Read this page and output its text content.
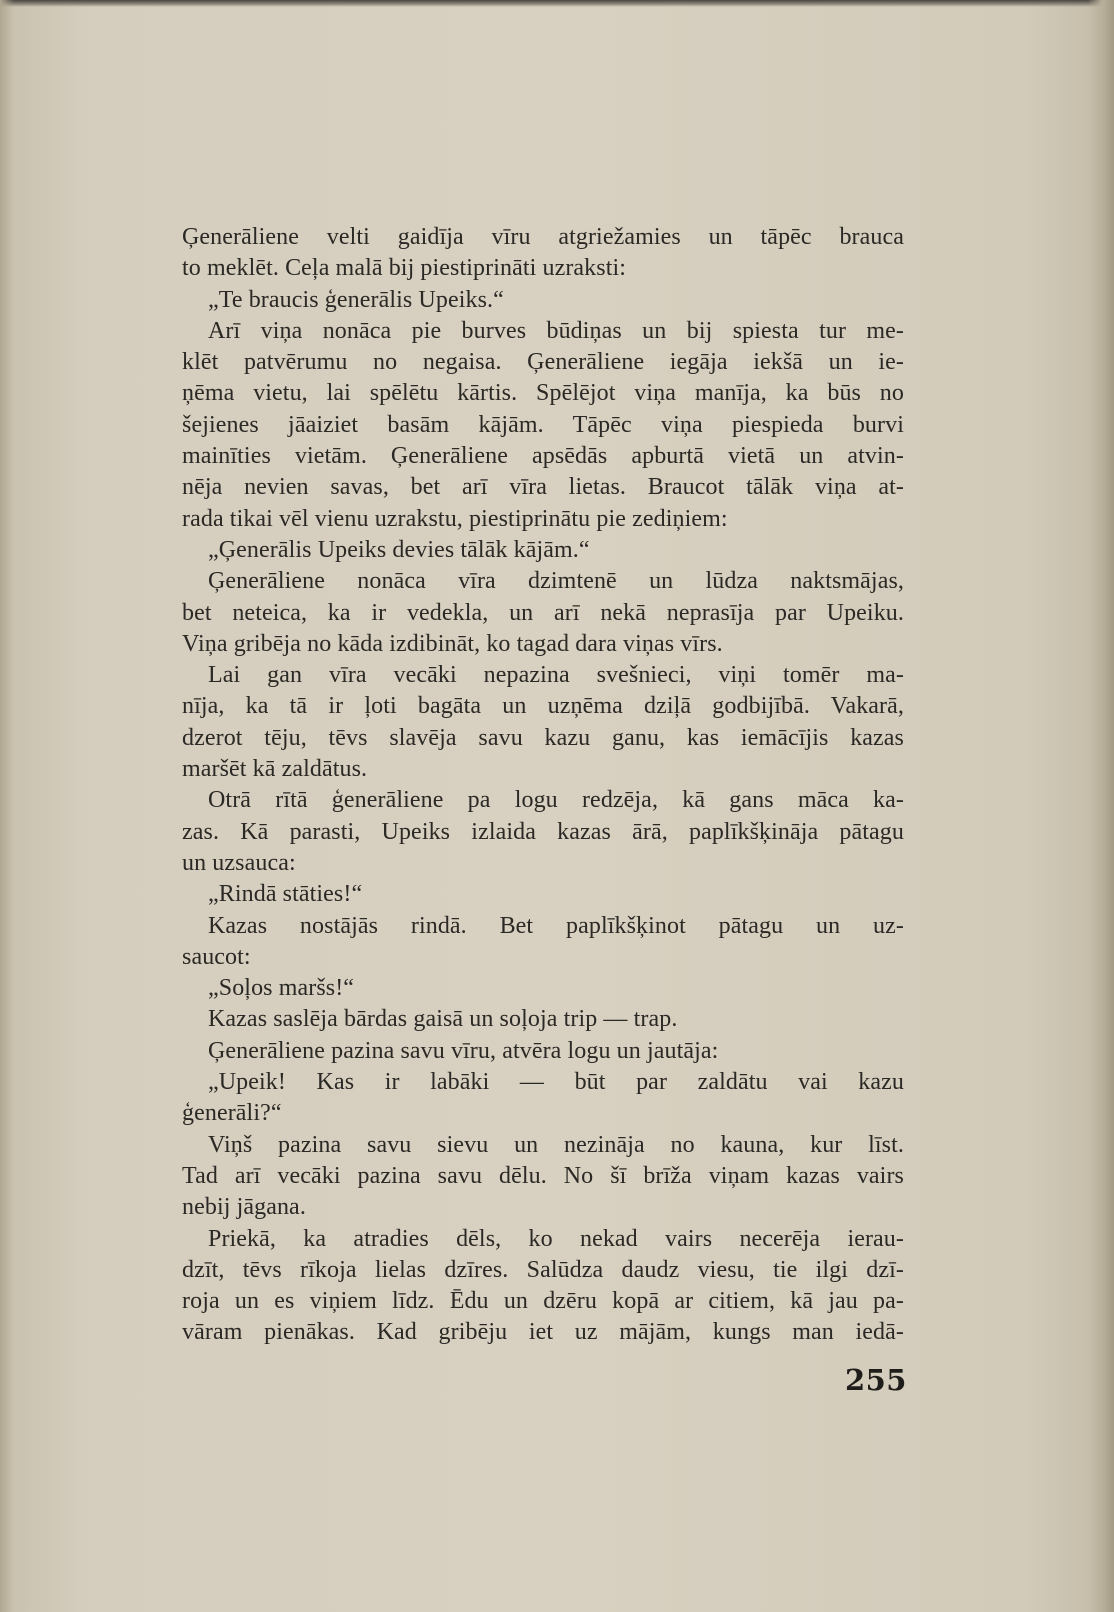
Ģenerāliene velti gaidīja vīru atgriežamies un tāpēc brauca
to meklēt. Ceļa malā bij piestiprināti uzraksti:
„Te braucis ģenerālis Upeiks.“
Arī viņa nonāca pie burves būdiņas un bij spiesta tur me-
klēt patvērumu no negaisa. Ģenerāliene iegāja iekšā un ie-
ņēma vietu, lai spēlētu kārtis. Spēlējot viņa manīja, ka būs no
šejienes jāaiziet basām kājām. Tāpēc viņa piespieda burvi
mainīties vietām. Ģenerāliene apsēdās apburtā vietā un atvin-
nēja nevien savas, bet arī vīra lietas. Braucot tālāk viņa at-
rada tikai vēl vienu uzrakstu, piestiprinātu pie zediņiem:
„Ģenerālis Upeiks devies tālāk kājām.“
Ģenerāliene nonāca vīra dzimtenē un lūdza naktsmājas,
bet neteica, ka ir vedekla, un arī nekā neprasīja par Upeiku.
Viņa gribēja no kāda izdibināt, ko tagad dara viņas vīrs.
Lai gan vīra vecāki nepazina svešnieci, viņi tomēr ma-
nīja, ka tā ir ļoti bagāta un uzņēma dziļā godbijībā. Vakarā,
dzerot tēju, tēvs slavēja savu kazu ganu, kas iemācījis kazas
maršēt kā zaldātus.
Otrā rītā ģenerāliene pa logu redzēja, kā gans māca ka-
zas. Kā parasti, Upeiks izlaida kazas ārā, paplīkšķināja pātagu
un uzsauca:
„Rindā stāties!“
Kazas nostājās rindā. Bet paplīkšķinot pātagu un uz-
saucot:
„Soļos maršs!“
Kazas saslēja bārdas gaisā un soļoja trip — trap.
Ģenerāliene pazina savu vīru, atvēra logu un jautāja:
„Upeik! Kas ir labāki — būt par zaldātu vai kazu
ģenerāli?“
Viņš pazina savu sievu un nezināja no kauna, kur līst.
Tad arī vecāki pazina savu dēlu. No šī brīža viņam kazas vairs
nebij jāgana.
Priekā, ka atradies dēls, ko nekad vairs necerēja ierau-
dzīt, tēvs rīkoja lielas dzīres. Salūdza daudz viesu, tie ilgi dzī-
roja un es viņiem līdz. Ēdu un dzēru kopā ar citiem, kā jau pa-
vāram pienākas. Kad gribēju iet uz mājām, kungs man iedā-
255
